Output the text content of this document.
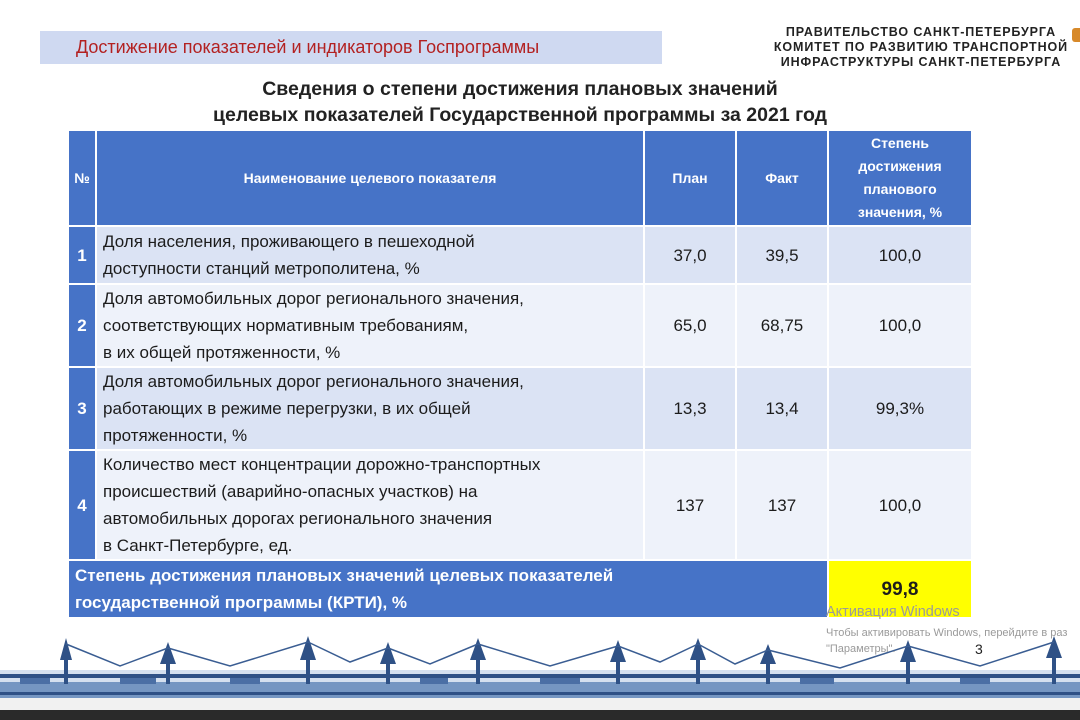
Достижение показателей и индикаторов Госпрограммы
ПРАВИТЕЛЬСТВО САНКТ-ПЕТЕРБУРГА
КОМИТЕТ ПО РАЗВИТИЮ ТРАНСПОРТНОЙ
ИНФРАСТРУКТУРЫ САНКТ-ПЕТЕРБУРГА
Сведения о степени достижения плановых значений
целевых показателей Государственной программы за 2021 год
№	Наименование целевого показателя	План	Факт	Степень
достижения
планового
значения, %

1	Доля населения, проживающего в пешеходной
доступности станций метрополитена, %	37,0	39,5	100,0
2	Доля автомобильных дорог регионального значения,
соответствующих нормативным требованиям,
в их общей протяженности, %	65,0	68,75	100,0
3	Доля автомобильных дорог регионального значения,
работающих в режиме перегрузки, в их общей
протяженности, %	13,3	13,4	99,3%
4	Количество мест концентрации дорожно-транспортных
происшествий (аварийно-опасных участков) на
автомобильных дорогах регионального значения
в Санкт-Петербурге, ед.	137	137	100,0

Степень достижения плановых значений целевых показателей
государственной программы (КРТИ), %				99,8
Активация Windows
Чтобы активировать Windows, перейдите в раз
"Параметры".	3
